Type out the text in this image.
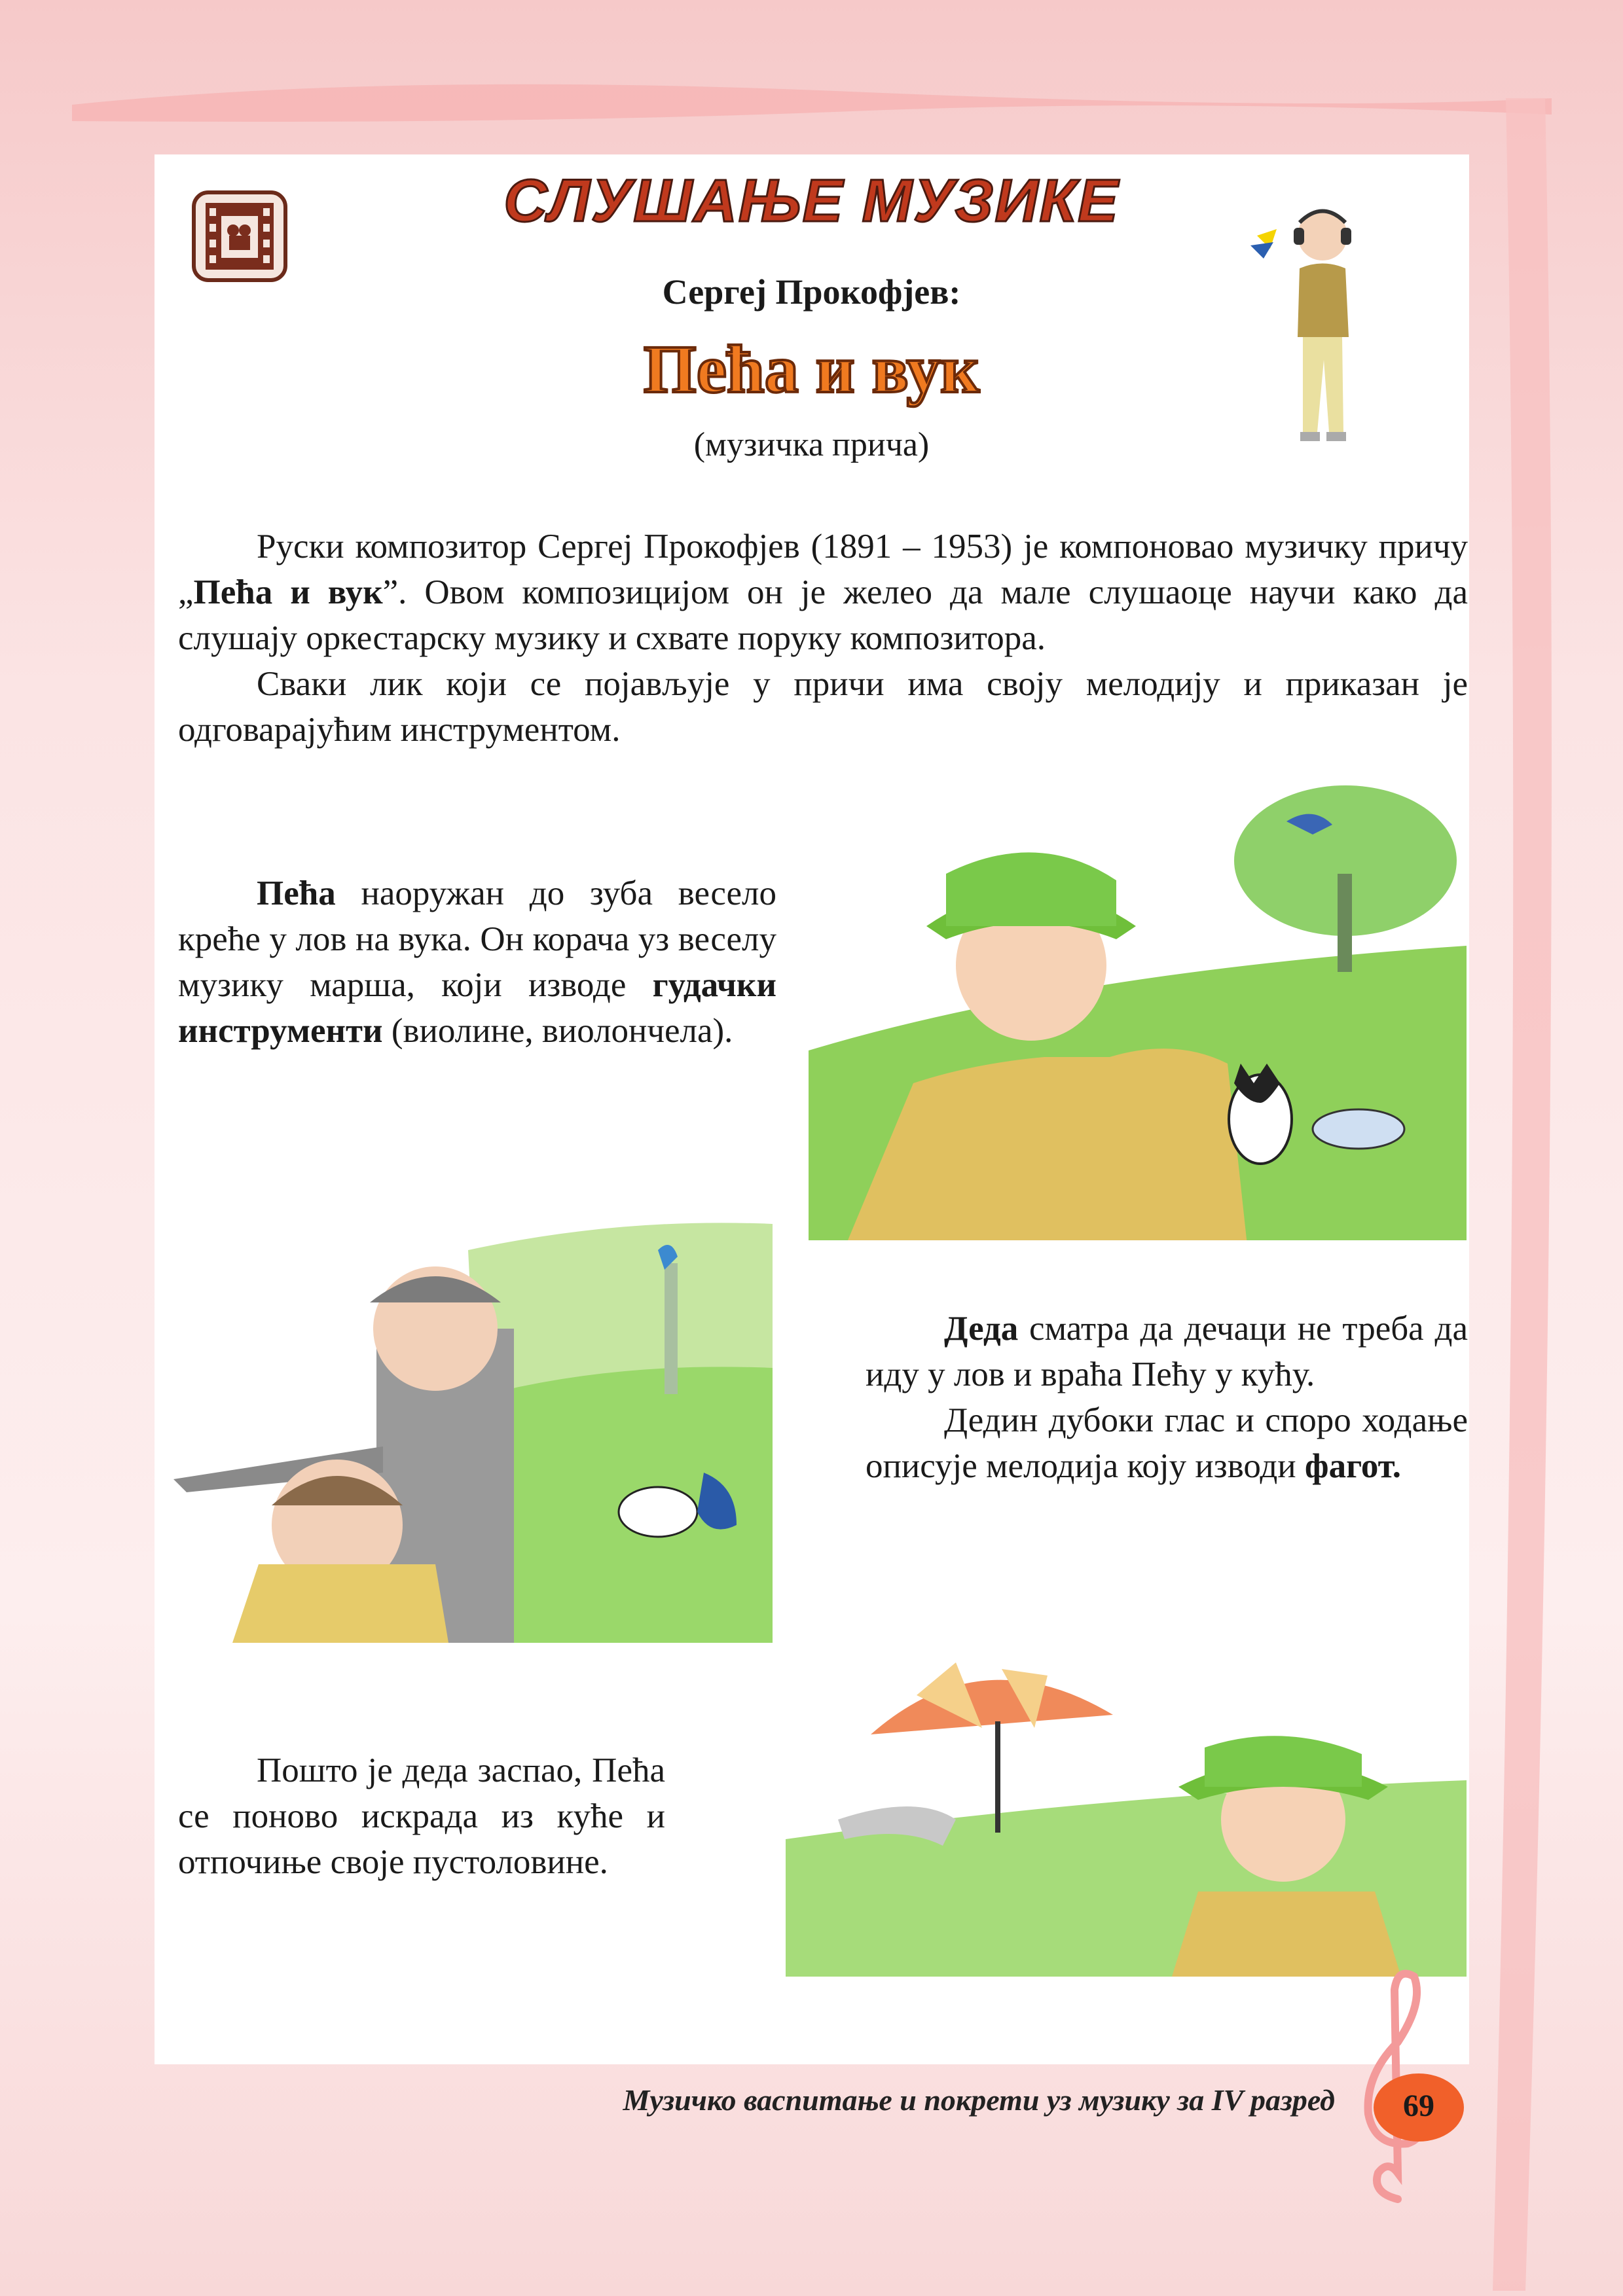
СЛУШАЊЕ МУЗИКЕ
Сергеј Прокофјев:
Пећа и вук
(музичка прича)

Руски композитор Сергеј Прокофјев (1891 – 1953) је компоновао музичку причу „Пећа и вук”. Овом композицијом он је желео да мале слушаоце научи како да слушају оркестарску музику и схвате поруку композитора.

Сваки лик који се појављује у причи има своју мелодију и приказан је одговарајућим инструментом.

Пећа наоружан до зуба весело креће у лов на вука. Он корача уз веселу музику марша, који изводе гудачки инструменти (виолине, виолончела).

Деда сматра да дечаци не треба да иду у лов и враћа Пећу у кућу.

Дедин дубоки глас и споро ходање описује мелодија коју изводи фагот.

Пошто је деда заспао, Пећа се поново искрада из куће и отпочиње своје пустоловине.

Музичко васпитање и покрети уз музику за IV разред	69
